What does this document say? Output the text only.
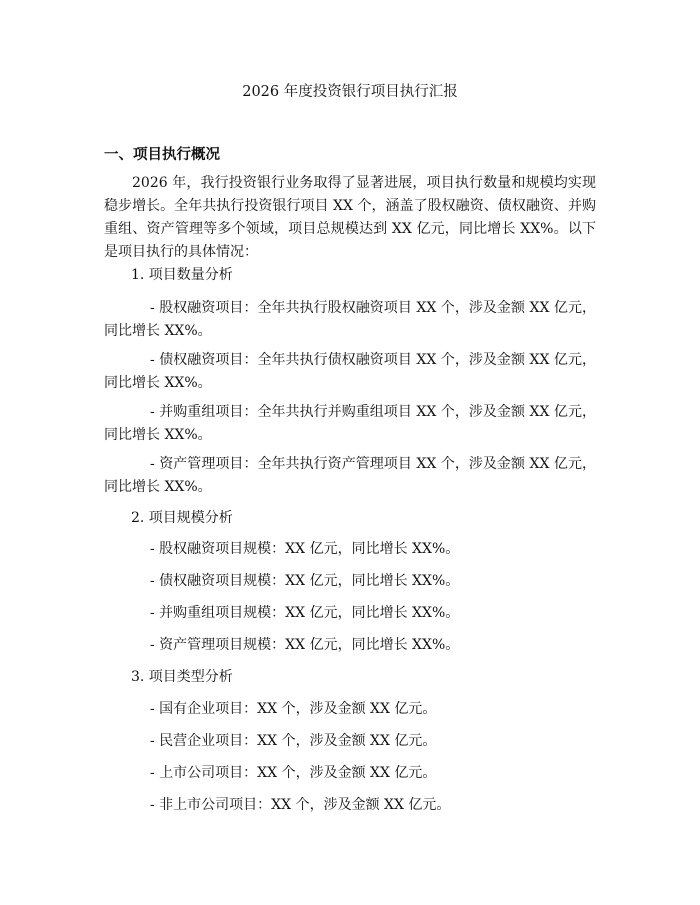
2026 年度投资银行项目执行汇报
一、项目执行概况

2026 年，我行投资银行业务取得了显著进展，项目执行数量和规模均实现稳步增长。全年共执行投资银行项目 XX 个，涵盖了股权融资、债权融资、并购重组、资产管理等多个领域，项目总规模达到 XX 亿元，同比增长 XX%。以下是项目执行的具体情况：

1. 项目数量分析

- 股权融资项目：全年共执行股权融资项目 XX 个，涉及金额 XX 亿元，同比增长 XX%。

- 债权融资项目：全年共执行债权融资项目 XX 个，涉及金额 XX 亿元，同比增长 XX%。

- 并购重组项目：全年共执行并购重组项目 XX 个，涉及金额 XX 亿元，同比增长 XX%。

- 资产管理项目：全年共执行资产管理项目 XX 个，涉及金额 XX 亿元，同比增长 XX%。

2. 项目规模分析

- 股权融资项目规模：XX 亿元，同比增长 XX%。

- 债权融资项目规模：XX 亿元，同比增长 XX%。

- 并购重组项目规模：XX 亿元，同比增长 XX%。

- 资产管理项目规模：XX 亿元，同比增长 XX%。

3. 项目类型分析

- 国有企业项目：XX 个，涉及金额 XX 亿元。

- 民营企业项目：XX 个，涉及金额 XX 亿元。

- 上市公司项目：XX 个，涉及金额 XX 亿元。

- 非上市公司项目：XX 个，涉及金额 XX 亿元。
